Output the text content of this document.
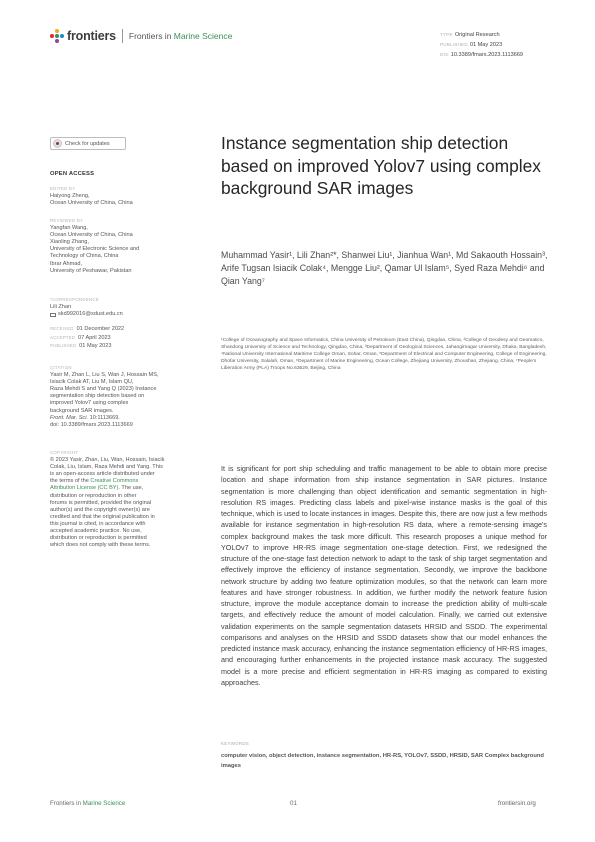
frontiers Frontiers in Marine Science	TYPE Original Research
PUBLISHED 01 May 2023
DOI 10.3389/fmars.2023.1113669
Check for updates
OPEN ACCESS
EDITED BY
Haiyong Zheng,
Ocean University of China, China
REVIEWED BY
Yangfan Wang,
Ocean University of China, China
Xiaoling Zhang,
University of Electronic Science and
Technology of China, China
Ibrar Ahmad,
University of Peshawar, Pakistan
*CORRESPONDENCE
Lili Zhan
skd992016@sdust.edu.cn
RECEIVED 01 December 2022
ACCEPTED 07 April 2023
PUBLISHED 01 May 2023
CITATION
Yasir M, Zhan L, Liu S, Wan J, Hossain MS,
Isiacik Colak AT, Liu M, Islam QU,
Raza Mehdi S and Yang Q (2023) Instance
segmentation ship detection based on
improved Yolov7 using complex
background SAR images.
Front. Mar. Sci. 10:1113669.
doi: 10.3389/fmars.2023.1113669
COPYRIGHT
© 2023 Yasir, Zhan, Liu, Wan, Hossain, Isiacik
Colak, Liu, Islam, Raza Mehdi and Yang. This
is an open-access article distributed under
the terms of the Creative Commons
Attribution License (CC BY). The use,
distribution or reproduction in other
forums is permitted, provided the original
author(s) and the copyright owner(s) are
credited and that the original publication in
this journal is cited, in accordance with
accepted academic practice. No use,
distribution or reproduction is permitted
which does not comply with these terms.
Instance segmentation ship detection based on improved Yolov7 using complex background SAR images
Muhammad Yasir¹, Lili Zhan²*, Shanwei Liu¹, Jianhua Wan¹, Md Sakaouth Hossain³, Arife Tugsan Isiacik Colak⁴, Mengge Liu², Qamar Ul Islam⁵, Syed Raza Mehdi⁶ and Qian Yang⁷
¹College of Oceanography and Space Informatics, China University of Petroleum (East China), Qingdao, China, ²College of Geodesy and Geomatics, Shandong University of Science and Technology, Qingdao, China, ³Department of Geological Sciences, Jahangirnagar University, Dhaka, Bangladesh, ⁴National University International Maritime College Oman, Sohar, Oman, ⁵Department of Electrical and Computer Engineering, College of Engineering, Dhofar University, Salalah, Oman, ⁶Department of Marine Engineering, Ocean College, Zhejiang University, Zhoushan, Zhejiang, China, ⁷People's Liberation Army (PLA) Troops No.63629, Beijing, China
It is significant for port ship scheduling and traffic management to be able to obtain more precise location and shape information from ship instance segmentation in SAR pictures. Instance segmentation is more challenging than object identification and semantic segmentation in high-resolution RS images. Predicting class labels and pixel-wise instance masks is the goal of this technique, which is used to locate instances in images. Despite this, there are now just a few methods available for instance segmentation in high-resolution RS data, where a remote-sensing image's complex background makes the task more difficult. This research proposes a unique method for YOLOv7 to improve HR-RS image segmentation one-stage detection. First, we redesigned the structure of the one-stage fast detection network to adapt to the task of ship target segmentation and effectively improve the efficiency of instance segmentation. Secondly, we improve the backbone network structure by adding two feature optimization modules, so that the network can learn more features and have stronger robustness. In addition, we further modify the network feature fusion structure, improve the module acceptance domain to increase the prediction ability of multi-scale targets, and effectively reduce the amount of model calculation. Finally, we carried out extensive validation experiments on the sample segmentation datasets HRSID and SSDD. The experimental comparisons and analyses on the HRSID and SSDD datasets show that our model enhances the predicted instance mask accuracy, enhancing the instance segmentation efficiency of HR-RS images, and encouraging further enhancements in the projected instance mask accuracy. The suggested model is a more precise and efficient segmentation in HR-RS imaging as compared to existing approaches.
KEYWORDS
computer vision, object detection, instance segmentation, HR-RS, YOLOv7, SSDD, HRSID, SAR Complex background images
Frontiers in Marine Science	01	frontiersin.org
